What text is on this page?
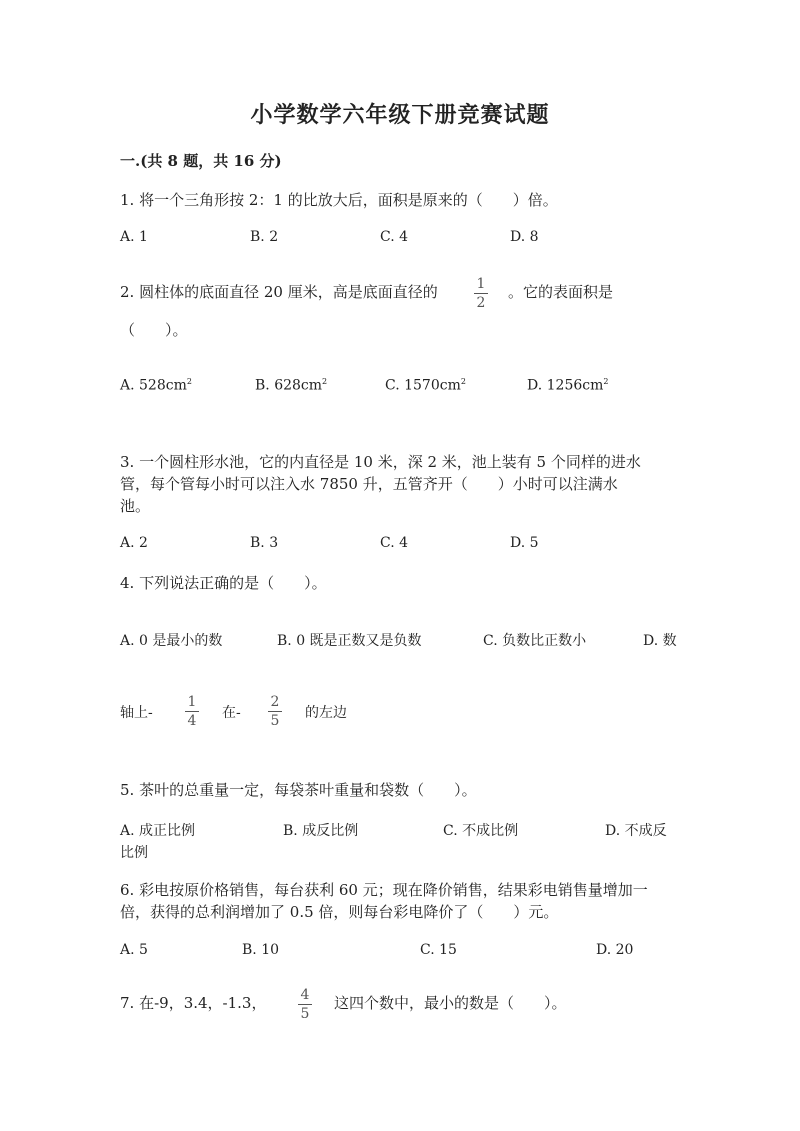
小学数学六年级下册竞赛试题
一.(共 8 题，共 16 分)
1. 将一个三角形按 2：1 的比放大后，面积是原来的（　　）倍。
A. 1	B. 2	C. 4	D. 8
2. 圆柱体的底面直径 20 厘米，高是底面直径的	1
2
。它的表面积是
（　　）。
A. $528cm^2$	B. $628cm^2$	C. $1570cm^2$	D. $1256cm^2$
3. 一个圆柱形水池，它的内直径是 10 米，深 2 米，池上装有 5 个同样的进水
管，每个管每小时可以注入水 7850 升，五管齐开（　　）小时可以注满水
池。
A. 2	B. 3	C. 4	D. 5
4. 下列说法正确的是（　　）。
A. 0 是最小的数	B. 0 既是正数又是负数	C. 负数比正数小	D. 数
轴上-
1
4 在-
2
5 的左边
5. 茶叶的总重量一定，每袋茶叶重量和袋数（　　）。
A. 成正比例	B. 成反比例	C. 不成比例	D. 不成反
比例
6. 彩电按原价格销售，每台获利 60 元；现在降价销售，结果彩电销售量增加一
倍，获得的总利润增加了 0.5 倍，则每台彩电降价了（　　）元。
A. 5	B. 10	C. 15	D. 20
7. 在-9，3.4，-1.3， 4
5
这四个数中，最小的数是（　　）。
